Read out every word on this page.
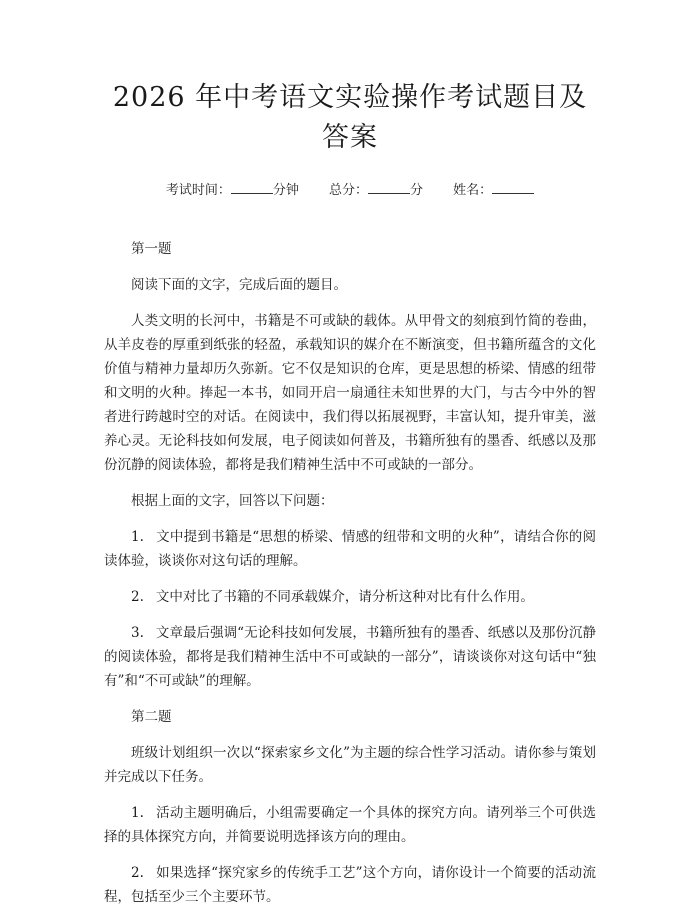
2026 年中考语文实验操作考试题目及答案
考试时间：	分钟 总分：	分 姓名：

第一题

阅读下面的文字，完成后面的题目。

人类文明的长河中，书籍是不可或缺的载体。从甲骨文的刻痕到竹简的卷曲，从羊皮卷的厚重到纸张的轻盈，承载知识的媒介在不断演变，但书籍所蕴含的文化价值与精神力量却历久弥新。它不仅是知识的仓库，更是思想的桥梁、情感的纽带和文明的火种。捧起一本书，如同开启一扇通往未知世界的大门，与古今中外的智者进行跨越时空的对话。在阅读中，我们得以拓展视野，丰富认知，提升审美，滋养心灵。无论科技如何发展，电子阅读如何普及，书籍所独有的墨香、纸感以及那份沉静的阅读体验，都将是我们精神生活中不可或缺的一部分。

根据上面的文字，回答以下问题：

1. 文中提到书籍是“思想的桥梁、情感的纽带和文明的火种”，请结合你的阅读体验，谈谈你对这句话的理解。

2. 文中对比了书籍的不同承载媒介，请分析这种对比有什么作用。

3. 文章最后强调“无论科技如何发展，书籍所独有的墨香、纸感以及那份沉静的阅读体验，都将是我们精神生活中不可或缺的一部分”，请谈谈你对这句话中“独有”和“不可或缺”的理解。

第二题

班级计划组织一次以“探索家乡文化”为主题的综合性学习活动。请你参与策划并完成以下任务。

1. 活动主题明确后，小组需要确定一个具体的探究方向。请列举三个可供选择的具体探究方向，并简要说明选择该方向的理由。

2. 如果选择“探究家乡的传统手工艺”这个方向，请你设计一个简要的活动流程，包括至少三个主要环节。
